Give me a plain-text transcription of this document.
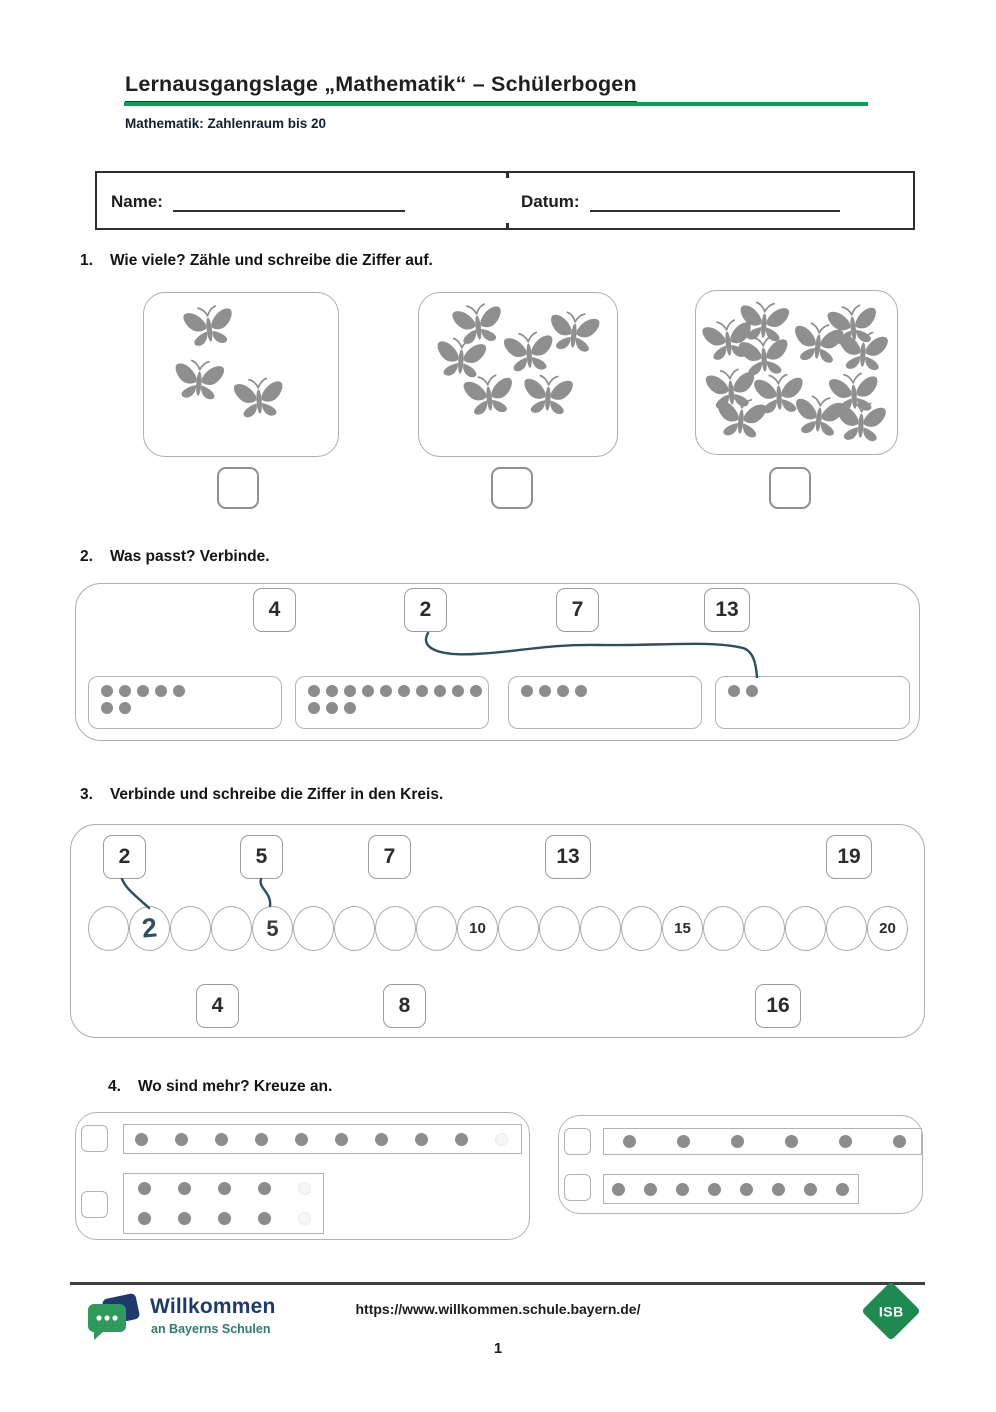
Lernausgangslage „Mathematik“ – Schülerbogen
Mathematik: Zahlenraum bis 20
Name:	Datum:
1. Wie viele? Zähle und schreibe die Ziffer auf.
2. Was passt? Verbinde.
4	2	7	13
3. Verbinde und schreibe die Ziffer in den Kreis.
2	5	7	13	19
2	5	10	15	20
4	8	16
4. Wo sind mehr? Kreuze an.
Willkommen
an Bayerns Schulen
https://www.willkommen.schule.bayern.de/	ISB
1
